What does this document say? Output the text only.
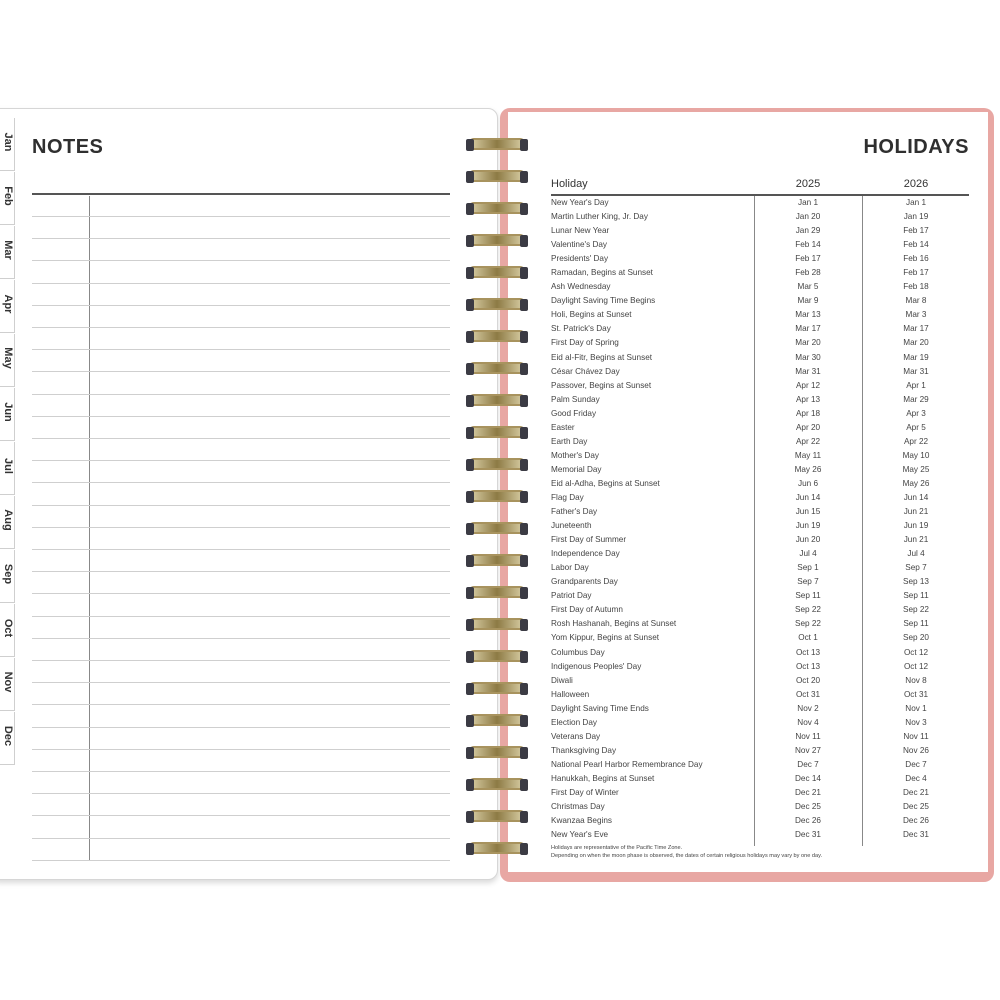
Jan
Feb
Mar
Apr
May
Jun
Jul
Aug
Sep
Oct
Nov
Dec
NOTES	HOLIDAYS
Holiday	2025	2026
New Year's Day	Jan 1	Jan 1
Martin Luther King, Jr. Day	Jan 20	Jan 19
Lunar New Year	Jan 29	Feb 17
Valentine's Day	Feb 14	Feb 14
Presidents' Day	Feb 17	Feb 16
Ramadan, Begins at Sunset	Feb 28	Feb 17
Ash Wednesday	Mar 5	Feb 18
Daylight Saving Time Begins	Mar 9	Mar 8
Holi, Begins at Sunset	Mar 13	Mar 3
St. Patrick's Day	Mar 17	Mar 17
First Day of Spring	Mar 20	Mar 20
Eid al-Fitr, Begins at Sunset	Mar 30	Mar 19
César Chávez Day	Mar 31	Mar 31
Passover, Begins at Sunset	Apr 12	Apr 1
Palm Sunday	Apr 13	Mar 29
Good Friday	Apr 18	Apr 3
Easter	Apr 20	Apr 5
Earth Day	Apr 22	Apr 22
Mother's Day	May 11	May 10
Memorial Day	May 26	May 25
Eid al-Adha, Begins at Sunset	Jun 6	May 26
Flag Day	Jun 14	Jun 14
Father's Day	Jun 15	Jun 21
Juneteenth	Jun 19	Jun 19
First Day of Summer	Jun 20	Jun 21
Independence Day	Jul 4	Jul 4
Labor Day	Sep 1	Sep 7
Grandparents Day	Sep 7	Sep 13
Patriot Day	Sep 11	Sep 11
First Day of Autumn	Sep 22	Sep 22
Rosh Hashanah, Begins at Sunset	Sep 22	Sep 11
Yom Kippur, Begins at Sunset	Oct 1	Sep 20
Columbus Day	Oct 13	Oct 12
Indigenous Peoples' Day	Oct 13	Oct 12
Diwali	Oct 20	Nov 8
Halloween	Oct 31	Oct 31
Daylight Saving Time Ends	Nov 2	Nov 1
Election Day	Nov 4	Nov 3
Veterans Day	Nov 11	Nov 11
Thanksgiving Day	Nov 27	Nov 26
National Pearl Harbor Remembrance Day	Dec 7	Dec 7
Hanukkah, Begins at Sunset	Dec 14	Dec 4
First Day of Winter	Dec 21	Dec 21
Christmas Day	Dec 25	Dec 25
Kwanzaa Begins	Dec 26	Dec 26
New Year's Eve	Dec 31	Dec 31
Holidays are representative of the Pacific Time Zone.
Depending on when the moon phase is observed, the dates of certain religious holidays may vary by one day.
